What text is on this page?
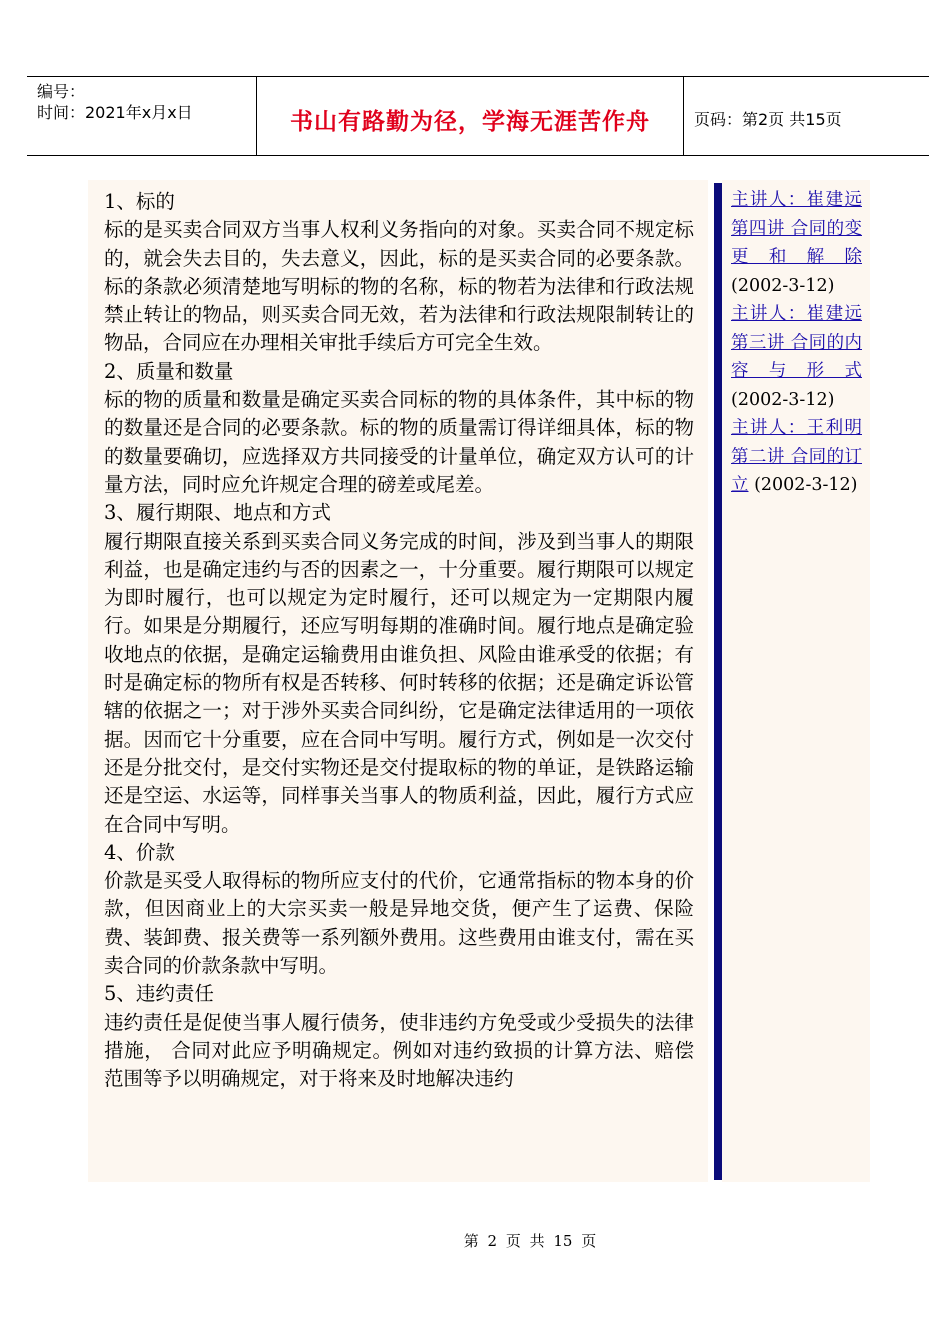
编号：
时间：2021年x月x日	书山有路勤为径，学海无涯苦作舟	页码：第2页 共15页

1、标的

标的是买卖合同双方当事人权利义务指向的对象。买卖合同不规定标的，就会失去目的，失去意义，因此，标的是买卖合同的必要条款。标的条款必须清楚地写明标的物的名称，标的物若为法律和行政法规禁止转让的物品，则买卖合同无效，若为法律和行政法规限制转让的物品，合同应在办理相关审批手续后方可完全生效。

2、质量和数量

标的物的质量和数量是确定买卖合同标的物的具体条件，其中标的物的数量还是合同的必要条款。标的物的质量需订得详细具体，标的物的数量要确切，应选择双方共同接受的计量单位，确定双方认可的计量方法，同时应允许规定合理的磅差或尾差。

3、履行期限、地点和方式

履行期限直接关系到买卖合同义务完成的时间，涉及到当事人的期限利益，也是确定违约与否的因素之一，十分重要。履行期限可以规定为即时履行，也可以规定为定时履行，还可以规定为一定期限内履行。如果是分期履行，还应写明每期的准确时间。履行地点是确定验收地点的依据，是确定运输费用由谁负担、风险由谁承受的依据；有时是确定标的物所有权是否转移、何时转移的依据；还是确定诉讼管辖的依据之一；对于涉外买卖合同纠纷，它是确定法律适用的一项依据。因而它十分重要，应在合同中写明。履行方式，例如是一次交付还是分批交付，是交付实物还是交付提取标的物的单证，是铁路运输还是空运、水运等，同样事关当事人的物质利益，因此，履行方式应在合同中写明。

4、价款

价款是买受人取得标的物所应支付的代价，它通常指标的物本身的价款，但因商业上的大宗买卖一般是异地交货，便产生了运费、保险费、装卸费、报关费等一系列额外费用。这些费用由谁支付，需在买卖合同的价款条款中写明。

5、违约责任

违约责任是促使当事人履行债务，使非违约方免受或少受损失的法律措施， 合同对此应予明确规定。例如对违约致损的计算方法、赔偿范围等予以明确规定，对于将来及时地解决违约

主讲人：崔建远 第四讲 合同的变更和解除 (2002-3-12)
主讲人：崔建远 第三讲 合同的内容与形式 (2002-3-12)
主讲人：王利明 第二讲 合同的订立 (2002-3-12)
第 2 页 共 15 页
